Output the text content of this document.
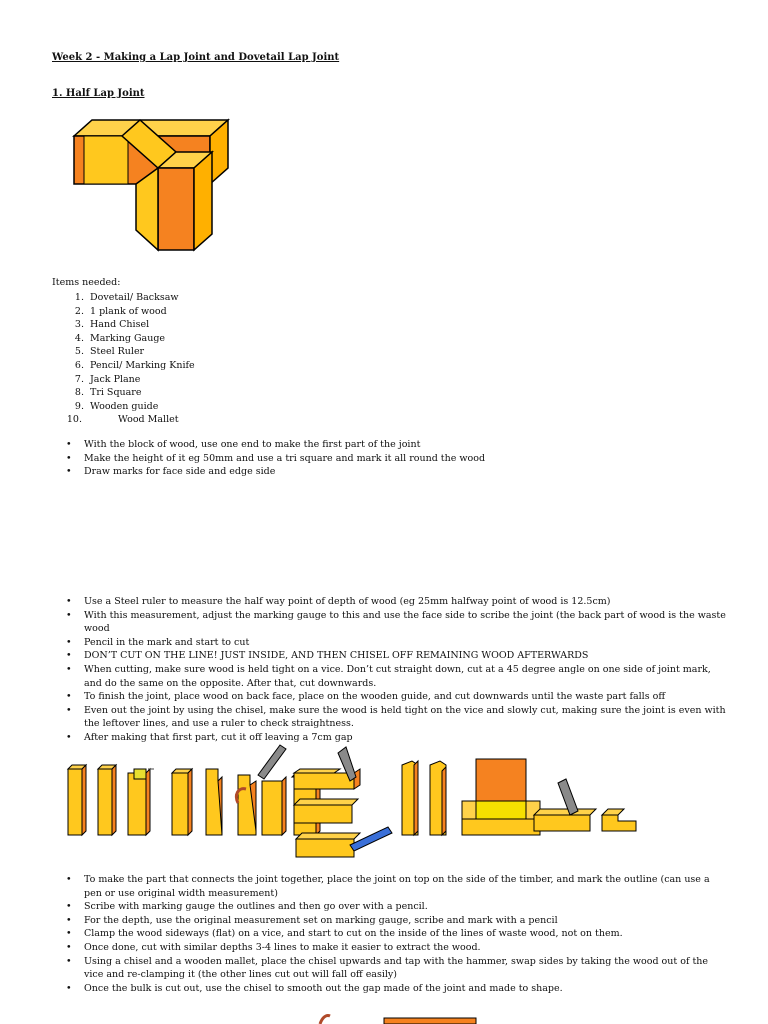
Week 2 - Making a Lap Joint and Dovetail Lap Joint
1. Half Lap Joint
Items needed:
1. Dovetail/ Backsaw
2. 1 plank of wood
3. Hand Chisel
4. Marking Gauge
5. Steel Ruler
6. Pencil/ Marking Knife
7. Jack Plane
8. Tri Square
9. Wooden guide
10.	Wood Mallet
• With the block of wood, use one end to make the first part of the joint
• Make the height of it eg 50mm and use a tri square and mark it all round the wood
• Draw marks for face side and edge side
• Use a Steel ruler to measure the half way point of depth of wood (eg 25mm halfway point of wood is 12.5cm)
• With this measurement, adjust the marking gauge to this and use the face side to scribe the joint (the back part of wood is the waste wood
• Pencil in the mark and start to cut
• DON’T CUT ON THE LINE! JUST INSIDE, AND THEN CHISEL OFF REMAINING WOOD AFTERWARDS
• When cutting, make sure wood is held tight on a vice. Don’t cut straight down, cut at a 45 degree angle on one side of joint mark, and do the same on the opposite. After that, cut downwards.
• To finish the joint, place wood on back face, place on the wooden guide, and cut downwards until the waste part falls off
• Even out the joint by using the chisel, make sure the wood is held tight on the vice and slowly cut, making sure the joint is even with the leftover lines, and use a ruler to check straightness.
• After making that first part, cut it off leaving a 7cm gap
• To make the part that connects the joint together, place the joint on top on the side of the timber, and mark the outline (can use a pen or use original width measurement)
• Scribe with marking gauge the outlines and then go over with a pencil.
• For the depth, use the original measurement set on marking gauge, scribe and mark with a pencil
• Clamp the wood sideways (flat) on a vice, and start to cut on the inside of the lines of waste wood, not on them.
• Once done, cut with similar depths 3-4 lines to make it easier to extract the wood.
• Using a chisel and a wooden mallet, place the chisel upwards and tap with the hammer, swap sides by taking the wood out of the vice and re-clamping it (the other lines cut out will fall off easily)
• Once the bulk is cut out, use the chisel to smooth out the gap made of the joint and made to shape.
